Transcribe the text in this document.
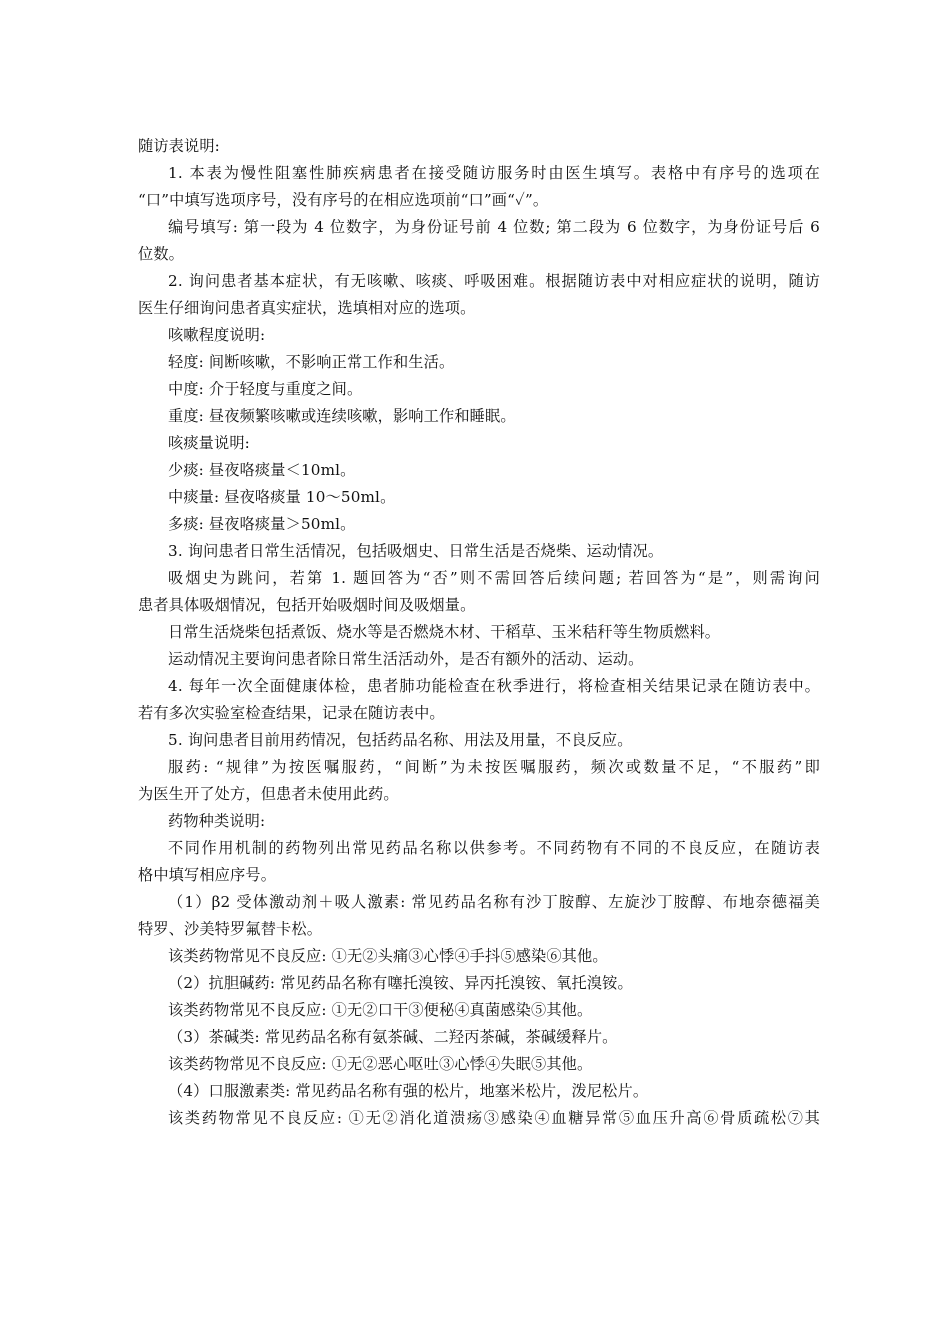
随访表说明:
1. 本表为慢性阻塞性肺疾病患者在接受随访服务时由医生填写。表格中有序号的选项在
“口”中填写选项序号，没有序号的在相应选项前“口”画“✓”。
编号填写: 第一段为 4 位数字，为身份证号前 4 位数; 第二段为 6 位数字，为身份证号后 6
位数。
2. 询问患者基本症状，有无咳嗽、咳痰、呼吸困难。根据随访表中对相应症状的说明，随访
医生仔细询问患者真实症状，选填相对应的选项。
咳嗽程度说明:
轻度: 间断咳嗽，不影响正常工作和生活。
中度: 介于轻度与重度之间。
重度: 昼夜频繁咳嗽或连续咳嗽，影响工作和睡眠。
咳痰量说明:
少痰: 昼夜咯痰量＜10ml。
中痰量: 昼夜咯痰量 10～50ml。
多痰: 昼夜咯痰量＞50ml。
3. 询问患者日常生活情况，包括吸烟史、日常生活是否烧柴、运动情况。
吸烟史为跳问，若第 1. 题回答为“否”则不需回答后续问题; 若回答为“是”，则需询问
患者具体吸烟情况，包括开始吸烟时间及吸烟量。
日常生活烧柴包括煮饭、烧水等是否燃烧木材、干稻草、玉米秸秆等生物质燃料。
运动情况主要询问患者除日常生活活动外，是否有额外的活动、运动。
4. 每年一次全面健康体检，患者肺功能检查在秋季进行，将检查相关结果记录在随访表中。
若有多次实验室检查结果，记录在随访表中。
5. 询问患者目前用药情况，包括药品名称、用法及用量，不良反应。
服药: “规律”为按医嘱服药，“间断”为未按医嘱服药，频次或数量不足，“不服药”即
为医生开了处方，但患者未使用此药。
药物种类说明:
不同作用机制的药物列出常见药品名称以供参考。不同药物有不同的不良反应，在随访表
格中填写相应序号。
（1）β2 受体激动剂＋吸人激素: 常见药品名称有沙丁胺醇、左旋沙丁胺醇、布地奈德福美
特罗、沙美特罗氟替卡松。
该类药物常见不良反应: ①无②头痛③心悸④手抖⑤感染⑥其他。
（2）抗胆碱药: 常见药品名称有噻托溴铵、异丙托溴铵、氧托溴铵。
该类药物常见不良反应: ①无②口干③便秘④真菌感染⑤其他。
（3）茶碱类: 常见药品名称有氨茶碱、二羟丙茶碱，茶碱缓释片。
该类药物常见不良反应: ①无②恶心呕吐③心悸④失眠⑤其他。
（4）口服激素类: 常见药品名称有强的松片，地塞米松片，泼尼松片。
该类药物常见不良反应: ①无②消化道溃疡③感染④血糖异常⑤血压升高⑥骨质疏松⑦其
